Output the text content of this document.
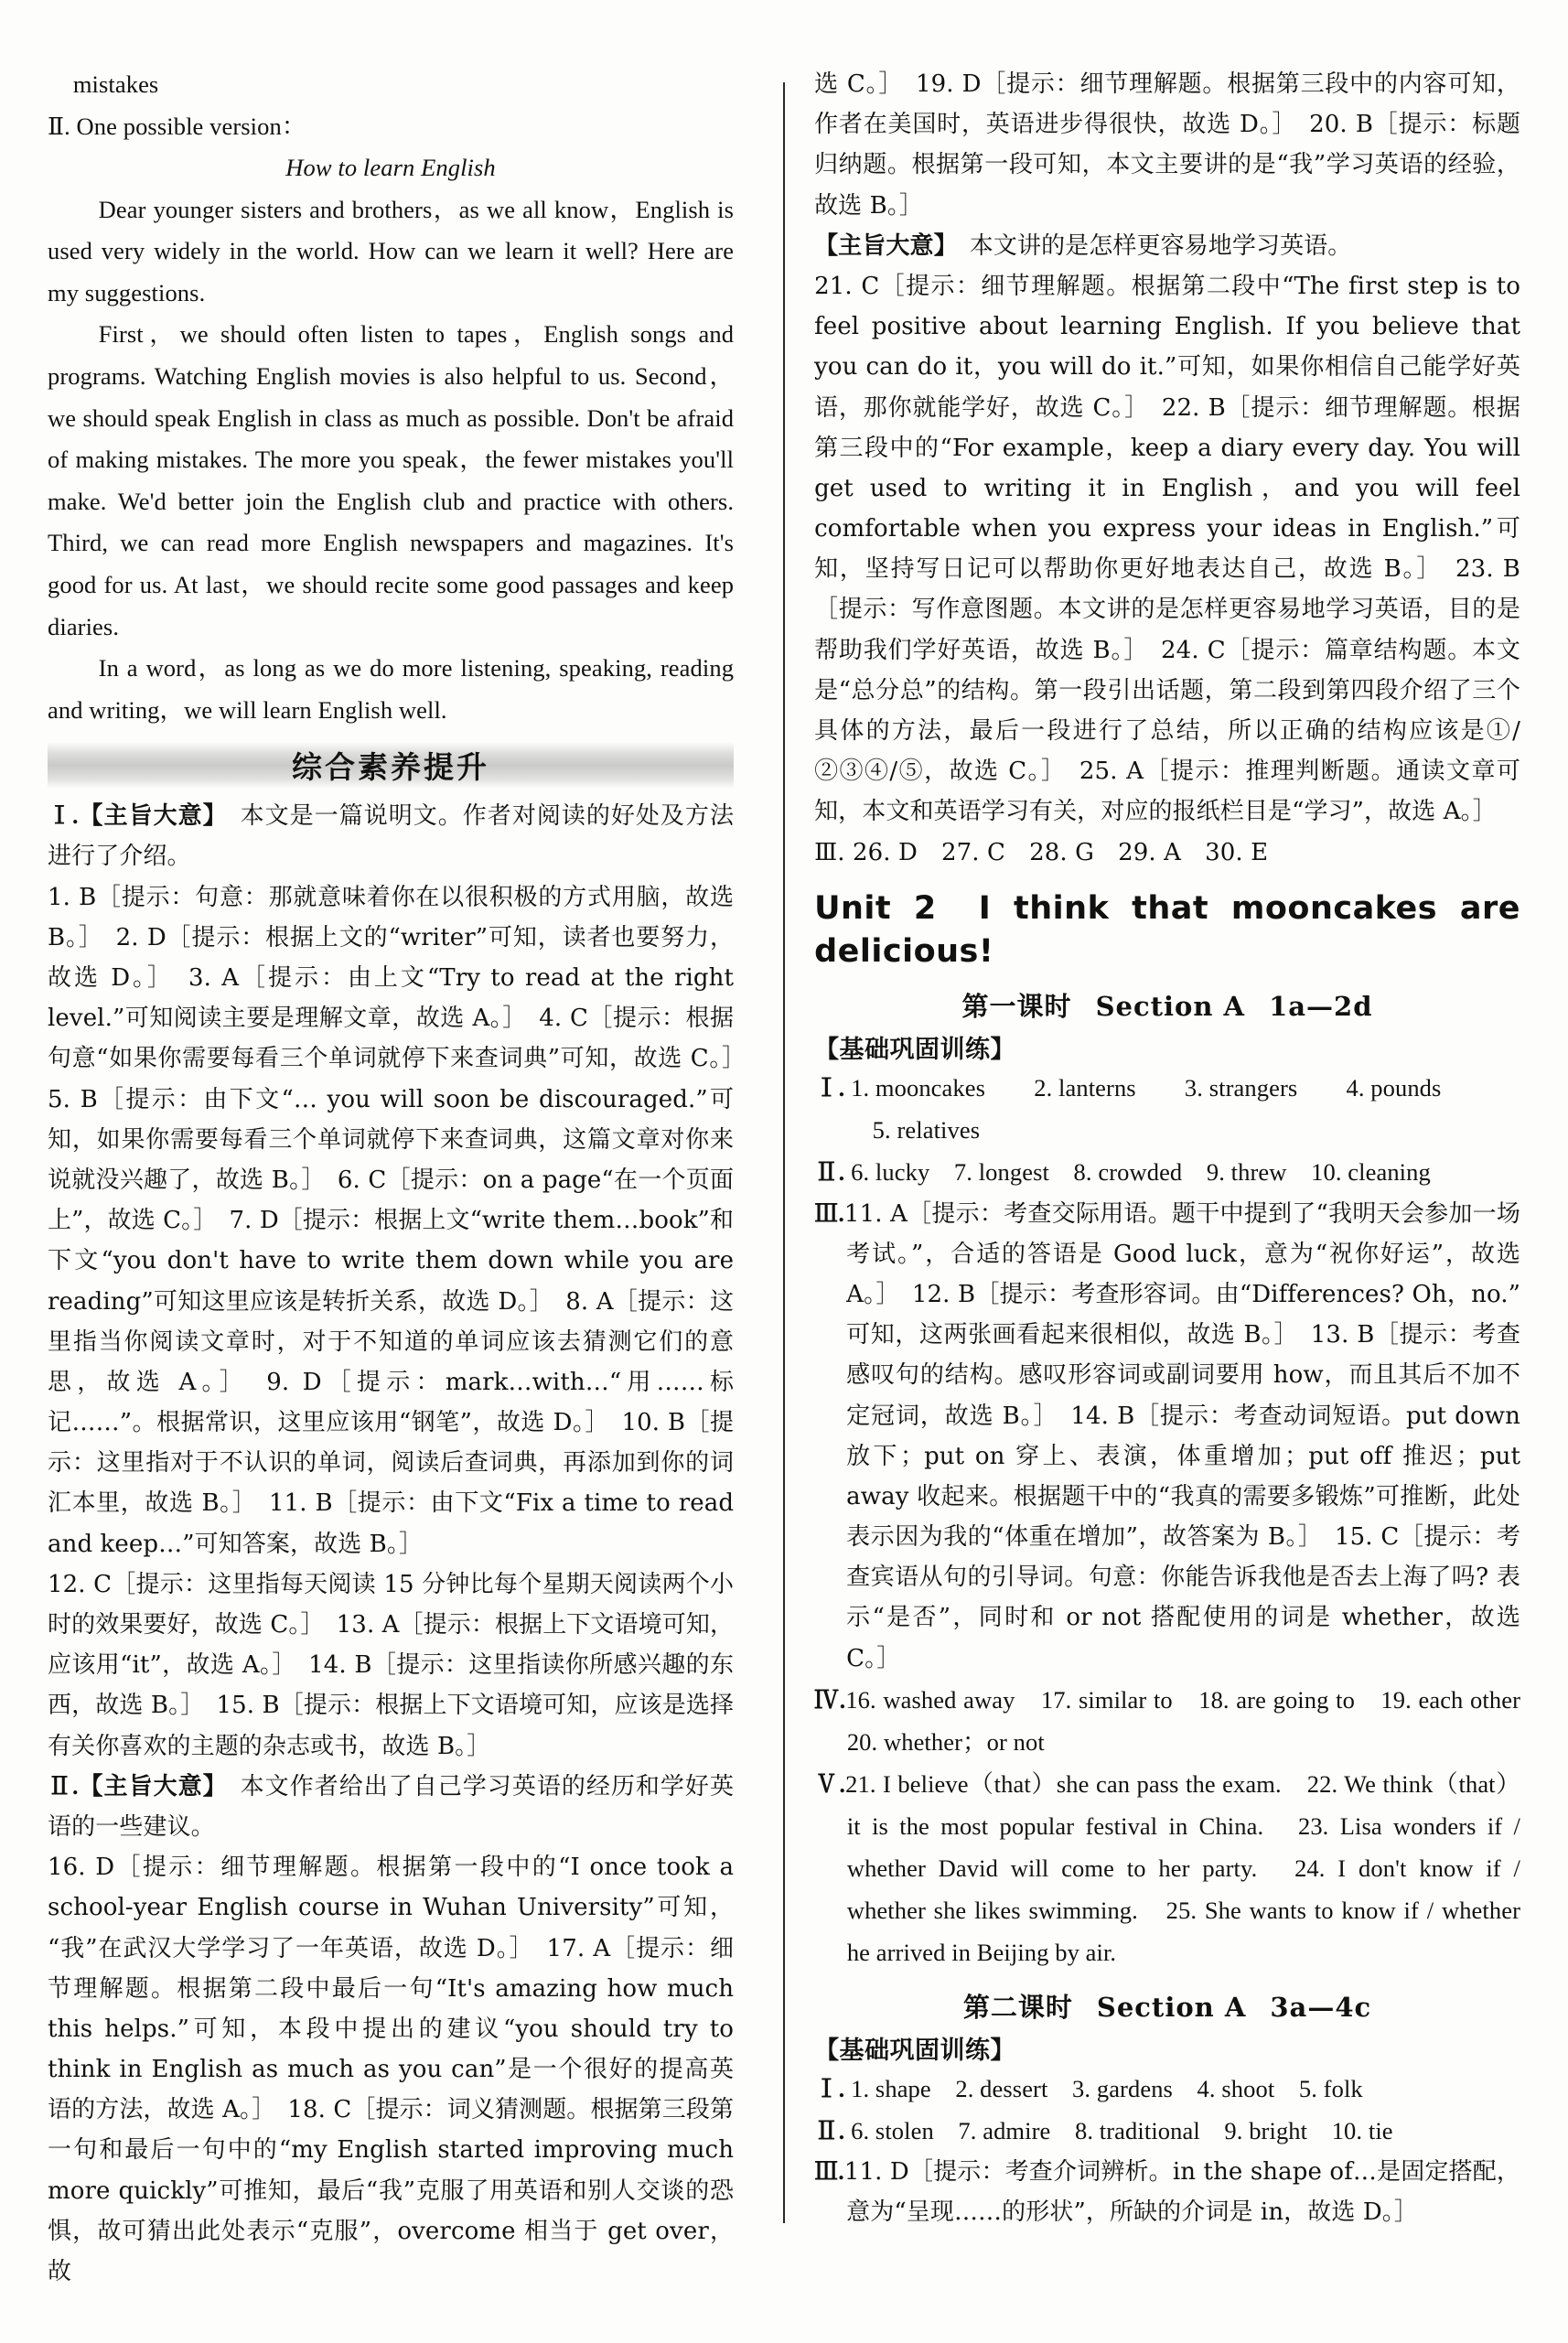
mistakes

Ⅱ. One possible version：

How to learn English

Dear younger sisters and brothers，as we all know，English is used very widely in the world. How can we learn it well? Here are my suggestions.

First，we should often listen to tapes，English songs and programs. Watching English movies is also helpful to us. Second，we should speak English in class as much as possible. Don't be afraid of making mistakes. The more you speak，the fewer mistakes you'll make. We'd better join the English club and practice with others. Third, we can read more English newspapers and magazines. It's good for us. At last，we should recite some good passages and keep diaries.

In a word，as long as we do more listening, speaking, reading and writing，we will learn English well.

综合素养提升

Ⅰ.【主旨大意】　 本文是一篇说明文。作者对阅读的好处及方法进行了介绍。

1. B［提示：句意：那就意味着你在以很积极的方式用脑，故选 B。］　2. D［提示：根据上文的“writer”可知，读者也要努力，故选 D。］　3. A［提示：由上文“Try to read at the right level.”可知阅读主要是理解文章，故选 A。］　4. C［提示：根据句意“如果你需要每看三个单词就停下来查词典”可知，故选 C。］　5. B［提示：由下文“… you will soon be discouraged.”可知，如果你需要每看三个单词就停下来查词典，这篇文章对你来说就没兴趣了，故选 B。］　6. C［提示：on a page“在一个页面上”，故选 C。］　7. D［提示：根据上文“write them…book”和下文“you don't have to write them down while you are reading”可知这里应该是转折关系，故选 D。］　8. A［提示：这里指当你阅读文章时，对于不知道的单词应该去猜测它们的意思，故选 A。］　9. D［提示：mark…with…“用……标记……”。根据常识，这里应该用“钢笔”，故选 D。］　10. B［提示：这里指对于不认识的单词，阅读后查词典，再添加到你的词汇本里，故选 B。］　11. B［提示：由下文“Fix a time to read and keep…”可知答案，故选 B。］

12. C［提示：这里指每天阅读 15 分钟比每个星期天阅读两个小时的效果要好，故选 C。］　13. A［提示：根据上下文语境可知，应该用“it”，故选 A。］　14. B［提示：这里指读你所感兴趣的东西，故选 B。］　15. B［提示：根据上下文语境可知，应该是选择有关你喜欢的主题的杂志或书，故选 B。］

Ⅱ.【主旨大意】　 本文作者给出了自己学习英语的经历和学好英语的一些建议。

16. D［提示：细节理解题。根据第一段中的“I once took a school-year English course in Wuhan University”可知，“我”在武汉大学学习了一年英语，故选 D。］　17. A［提示：细节理解题。根据第二段中最后一句“It's amazing how much this helps.”可知，本段中提出的建议“you should try to think in English as much as you can”是一个很好的提高英语的方法，故选 A。］　18. C［提示：词义猜测题。根据第三段第一句和最后一句中的“my English started improving much more quickly”可推知，最后“我”克服了用英语和别人交谈的恐惧，故可猜出此处表示“克服”，overcome 相当于 get over，故

选 C。］　19. D［提示：细节理解题。根据第三段中的内容可知，作者在美国时，英语进步得很快，故选 D。］　20. B［提示：标题归纳题。根据第一段可知，本文主要讲的是“我”学习英语的经验，故选 B。］

【主旨大意】　 本文讲的是怎样更容易地学习英语。

21. C［提示：细节理解题。根据第二段中“The first step is to feel positive about learning English. If you believe that you can do it，you will do it.”可知，如果你相信自己能学好英语，那你就能学好，故选 C。］　22. B［提示：细节理解题。根据第三段中的“For example，keep a diary every day. You will get used to writing it in English，and you will feel comfortable when you express your ideas in English.”可知，坚持写日记可以帮助你更好地表达自己，故选 B。］　23. B［提示：写作意图题。本文讲的是怎样更容易地学习英语，目的是帮助我们学好英语，故选 B。］　24. C［提示：篇章结构题。本文是“总分总”的结构。第一段引出话题，第二段到第四段介绍了三个具体的方法，最后一段进行了总结，所以正确的结构应该是①/②③④/⑤，故选 C。］　25. A［提示：推理判断题。通读文章可知，本文和英语学习有关，对应的报纸栏目是“学习”，故选 A。］

Ⅲ. 26. D　27. C　28. G　29. A　30. E

Unit 2 I think that mooncakes are delicious!
第一课时 Section A 1a—2d
【基础巩固训练】

Ⅰ. 1. mooncakes　　2. lanterns　　3. strangers　　4. pounds

5. relatives

Ⅱ. 6. lucky　7. longest　8. crowded　9. threw　10. cleaning

Ⅲ.11. A［提示：考查交际用语。题干中提到了“我明天会参加一场考试。”，合适的答语是 Good luck，意为“祝你好运”，故选 A。］　12. B［提示：考查形容词。由“Differences? Oh，no.”可知，这两张画看起来很相似，故选 B。］　13. B［提示：考查感叹句的结构。感叹形容词或副词要用 how，而且其后不加不定冠词，故选 B。］　14. B［提示：考查动词短语。put down 放下；put on 穿上、表演，体重增加；put off 推迟；put away 收起来。根据题干中的“我真的需要多锻炼”可推断，此处表示因为我的“体重在增加”，故答案为 B。］　15. C［提示：考查宾语从句的引导词。句意：你能告诉我他是否去上海了吗? 表示“是否”，同时和 or not 搭配使用的词是 whether，故选 C。］

Ⅳ.16. washed away　17. similar to　18. are going to　19. each other　20. whether；or not

Ⅴ.21. I believe（that）she can pass the exam.　22. We think（that）it is the most popular festival in China.　23. Lisa wonders if / whether David will come to her party.　24. I don't know if / whether she likes swimming.　25. She wants to know if / whether he arrived in Beijing by air.

第二课时 Section A 3a—4c
【基础巩固训练】

Ⅰ. 1. shape　2. dessert　3. gardens　4. shoot　5. folk

Ⅱ. 6. stolen　7. admire　8. traditional　9. bright　10. tie

Ⅲ.11. D［提示：考查介词辨析。in the shape of…是固定搭配，意为“呈现……的形状”，所缺的介词是 in，故选 D。］
